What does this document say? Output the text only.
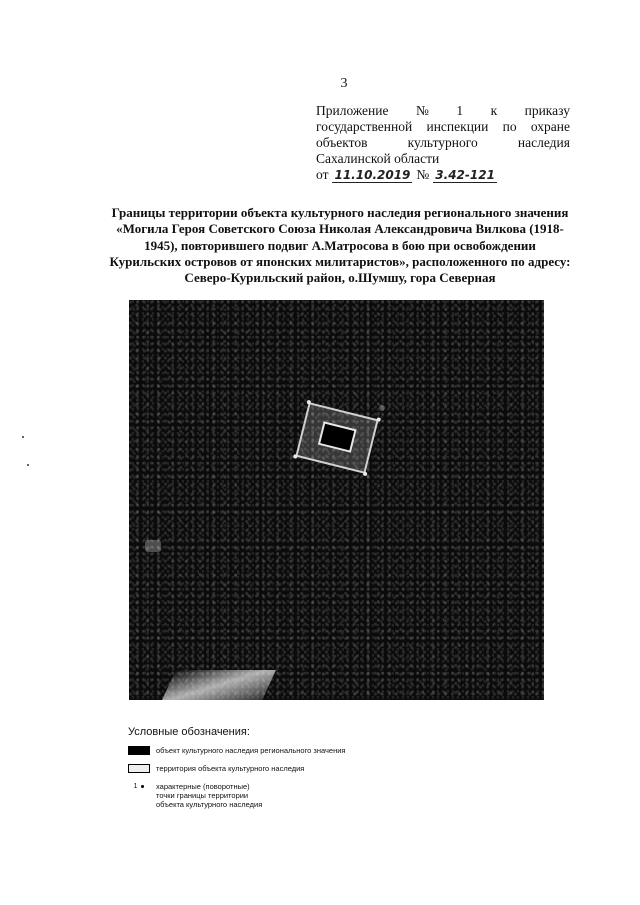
3
Приложение № 1 к приказу
государственной инспекции по охране
объектов	культурного	наследия
Сахалинской области
от 11.10.2019 № 3.42-121
Границы территории объекта культурного наследия регионального значения «Могила Героя Советского Союза Николая Александровича Вилкова (1918-1945), повторившего подвиг А.Матросова в бою при освобождении Курильских островов от японских милитаристов», расположенного по адресу: Северо-Курильский район, о.Шумшу, гора Северная
Условные обозначения:
объект культурного наследия регионального значения
территория объекта культурного наследия
1 характерные (поворотные) точки границы территории объекта культурного наследия
